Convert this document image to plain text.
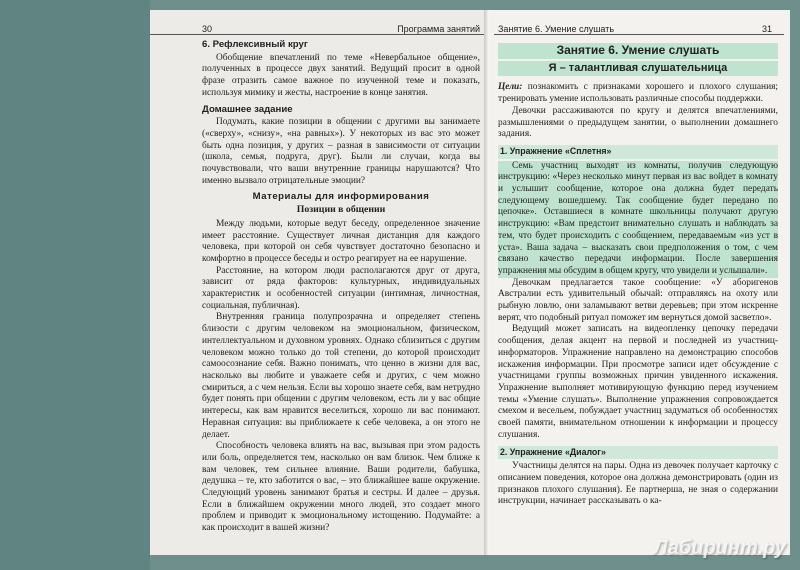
30	Программа занятий
6. Рефлексивный круг

Обобщение впечатлений по теме «Невербальное общение», полученных в процессе двух занятий. Ведущий просит в одной фразе отразить самое важное по изученной теме и показать, используя мимику и жесты, настроение в конце занятия.

Домашнее задание

Подумать, какие позиции в общении с другими вы занимаете («сверху», «снизу», «на равных»). У некоторых из вас это может быть одна позиция, у других – разная в зависимости от ситуации (школа, семья, подруга, друг). Были ли случаи, когда вы почувствовали, что ваши внутренние границы нарушаются? Что именно вызвало отрицательные эмоции?

Материалы для информирования
Позиции в общении

Между людьми, которые ведут беседу, определенное значение имеет расстояние. Существует личная дистанция для каждого человека, при которой он себя чувствует достаточно безопасно и комфортно в процессе беседы и остро реагирует на ее нарушение.

Расстояние, на котором люди располагаются друг от друга, зависит от ряда факторов: культурных, индивидуальных характеристик и особенностей ситуации (интимная, личностная, социальная, публичная).

Внутренняя граница полупрозрачна и определяет степень близости с другим человеком на эмоциональном, физическом, интеллектуальном и духовном уровнях. Однако сблизиться с другим человеком можно только до той степени, до которой происходит самоосознание себя. Важно понимать, что ценно в жизни для вас, насколько вы любите и уважаете себя и других, с чем можно смириться, а с чем нельзя. Если вы хорошо знаете себя, вам нетрудно будет понять при общении с другим человеком, есть ли у вас общие интересы, как вам нравится веселиться, хорошо ли вас понимают. Неравная ситуация: вы приближаете к себе человека, а он этого не делает.

Способность человека влиять на вас, вызывая при этом радость или боль, определяется тем, насколько он вам близок. Чем ближе к вам человек, тем сильнее влияние. Ваши родители, бабушка, дедушка – те, кто заботится о вас, – это ближайшее ваше окружение. Следующий уровень занимают братья и сестры. И далее – друзья. Если в ближайшем окружении много людей, это создает много проблем и приводит к эмоциональному истощению. Подумайте: а как происходит в вашей жизни?

Занятие 6. Умение слушать	31
Занятие 6. Умение слушать
Я – талантливая слушательница

Цели: познакомить с признаками хорошего и плохого слушания; тренировать умение использовать различные способы поддержки.

Девочки рассаживаются по кругу и делятся впечатлениями, размышлениями о предыдущем занятии, о выполнении домашнего задания.

1. Упражнение «Сплетня»

Семь участниц выходят из комнаты, получив следующую инструкцию: «Через несколько минут первая из вас войдет в комнату и услышит сообщение, которое она должна будет передать следующему вошедшему. Так сообщение будет передано по цепочке». Оставшиеся в комнате школьницы получают другую инструкцию: «Вам предстоит внимательно слушать и наблюдать за тем, что будет происходить с сообщением, передаваемым «из уст в уста». Ваша задача – высказать свои предположения о том, с чем связано качество передачи информации. После завершения упражнения мы обсудим в общем кругу, что увидели и услышали».

Девочкам предлагается такое сообщение: «У аборигенов Австралии есть удивительный обычай: отправляясь на охоту или рыбную ловлю, они заламывают ветви деревьев; при этом искренне верят, что подобный ритуал поможет им вернуться домой засветло».

Ведущий может записать на видеопленку цепочку передачи сообщения, делая акцент на первой и последней из участниц-информаторов. Упражнение направлено на демонстрацию способов искажения информации. При просмотре записи идет обсуждение с участницами группы возможных причин увиденного искажения. Упражнение выполняет мотивирующую функцию перед изучением темы «Умение слушать». Выполнение упражнения сопровождается смехом и весельем, побуждает участниц задуматься об особенностях своей памяти, внимательном отношении к информации и процессу слушания.

2. Упражнение «Диалог»

Участницы делятся на пары. Одна из девочек получает карточку с описанием поведения, которое она должна демонстрировать (один из признаков плохого слушания). Ее партнерша, не зная о содержании инструкции, начинает рассказывать о ка-

Лабиринт.ру
